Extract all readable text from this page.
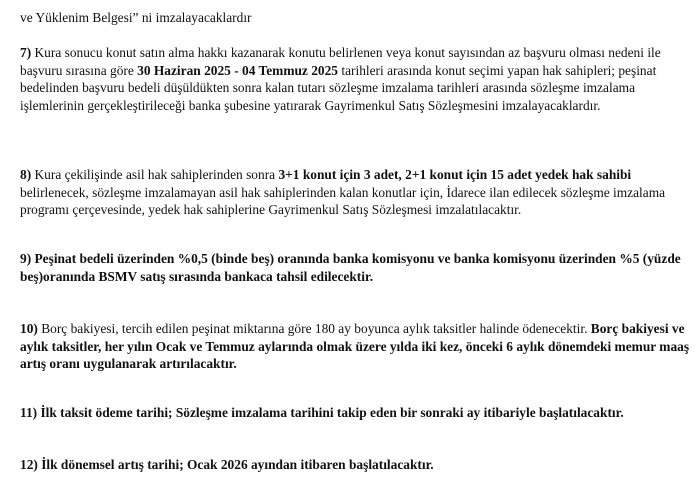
ve Yüklenim Belgesi” ni imzalayacaklardır

7) Kura sonucu konut satın alma hakkı kazanarak konutu belirlenen veya konut sayısından az başvuru olması nedeni ile başvuru sırasına göre 30 Haziran 2025 - 04 Temmuz 2025 tarihleri arasında konut seçimi yapan hak sahipleri; peşinat bedelinden başvuru bedeli düşüldükten sonra kalan tutarı sözleşme imzalama tarihleri arasında sözleşme imzalama işlemlerinin gerçekleştirileceği banka şubesine yatırarak Gayrimenkul Satış Sözleşmesini imzalayacaklardır.

8) Kura çekilişinde asil hak sahiplerinden sonra 3+1 konut için 3 adet, 2+1 konut için 15 adet yedek hak sahibi belirlenecek, sözleşme imzalamayan asil hak sahiplerinden kalan konutlar için, İdarece ilan edilecek sözleşme imzalama programı çerçevesinde, yedek hak sahiplerine Gayrimenkul Satış Sözleşmesi imzalatılacaktır.

9) Peşinat bedeli üzerinden %0,5 (binde beş) oranında banka komisyonu ve banka komisyonu üzerinden %5 (yüzde beş)oranında BSMV satış sırasında bankaca tahsil edilecektir.

10) Borç bakiyesi, tercih edilen peşinat miktarına göre 180 ay boyunca aylık taksitler halinde ödenecektir. Borç bakiyesi ve aylık taksitler, her yılın Ocak ve Temmuz aylarında olmak üzere yılda iki kez, önceki 6 aylık dönemdeki memur maaş artış oranı uygulanarak artırılacaktır.

11) İlk taksit ödeme tarihi; Sözleşme imzalama tarihini takip eden bir sonraki ay itibariyle başlatılacaktır.

12) İlk dönemsel artış tarihi; Ocak 2026 ayından itibaren başlatılacaktır.
